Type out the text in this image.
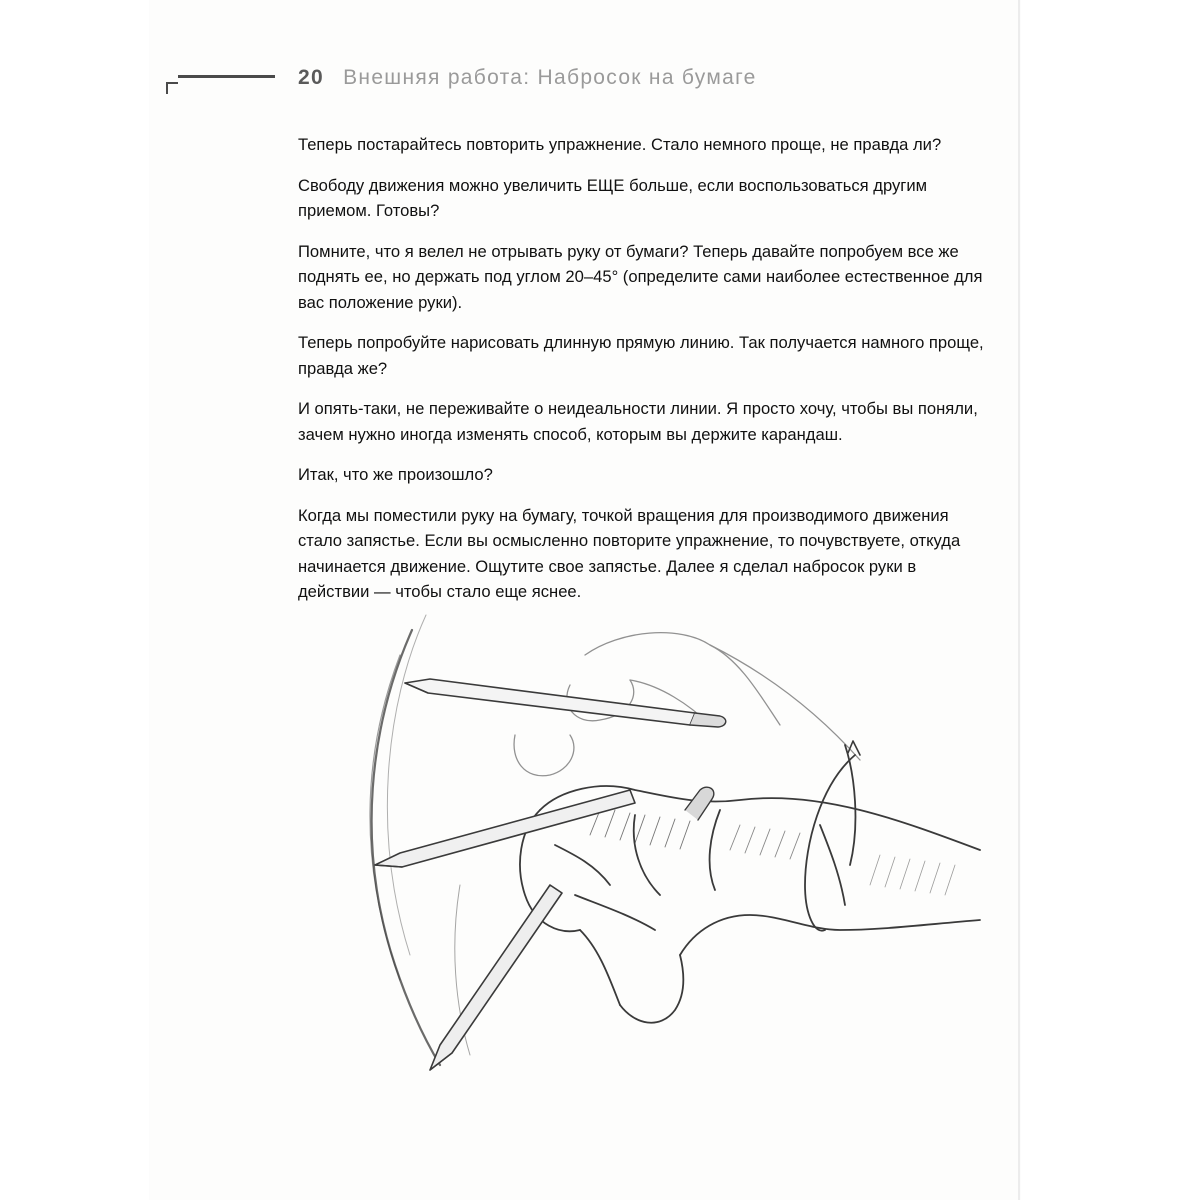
20 Внешняя работа: Набросок на бумаге

Теперь постарайтесь повторить упражнение. Стало немного проще, не правда ли?

Свободу движения можно увеличить ЕЩЕ больше, если воспользоваться другим приемом. Готовы?

Помните, что я велел не отрывать руку от бумаги? Теперь давайте попробуем все же поднять ее, но держать под углом 20–45° (определите сами наиболее естественное для вас положение руки).

Теперь попробуйте нарисовать длинную прямую линию. Так получается намного проще, правда же?

И опять-таки, не переживайте о неидеальности линии. Я просто хочу, чтобы вы поняли, зачем нужно иногда изменять способ, которым вы держите карандаш.

Итак, что же произошло?

Когда мы поместили руку на бумагу, точкой вращения для производимого движения стало запястье. Если вы осмысленно повторите упражнение, то почувствуете, откуда начинается движение. Ощутите свое запястье. Далее я сделал набросок руки в действии — чтобы стало еще яснее.
